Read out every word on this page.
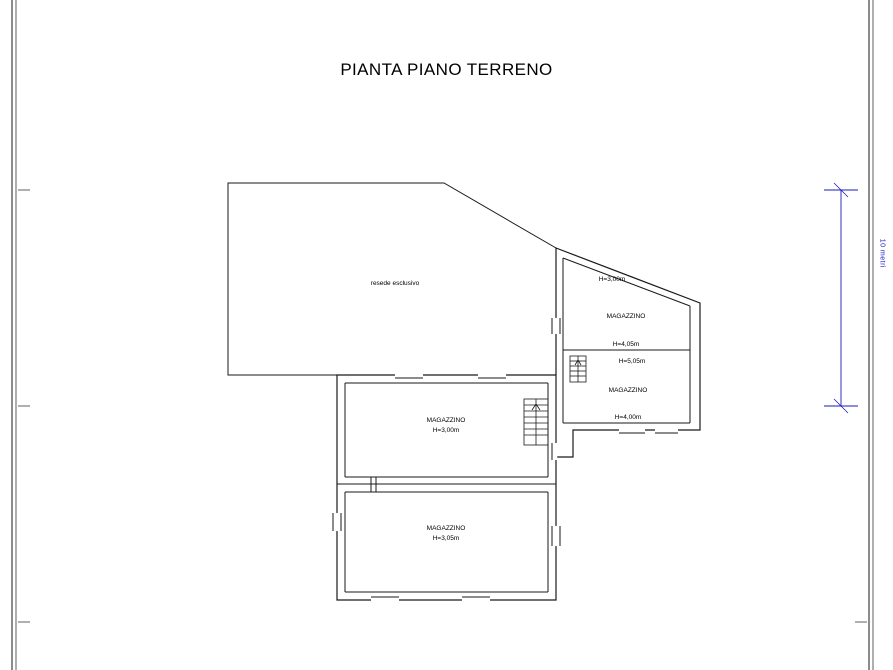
PIANTA PIANO TERRENO
resede esclusivo
H=3,00m
MAGAZZINO
H=4,05m
H=5,05m
MAGAZZINO
H=4,00m
MAGAZZINO
H=3,00m
MAGAZZINO
H=3,05m
10 metri
